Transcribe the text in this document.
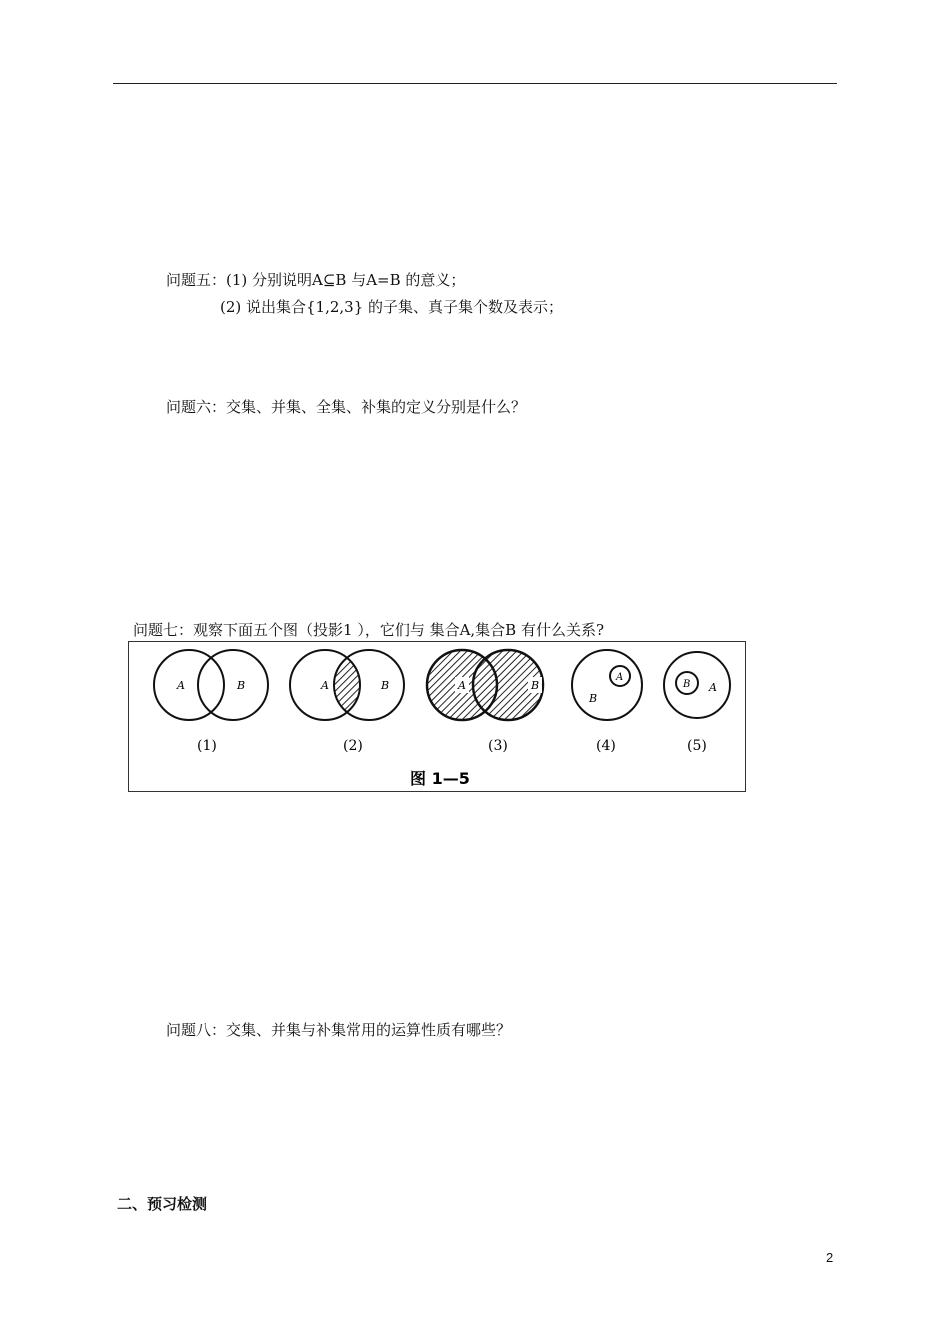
问题五：(1) 分别说明A⊆B 与A=B 的意义；
(2) 说出集合{1,2,3} 的子集、真子集个数及表示；
问题六：交集、并集、全集、补集的定义分别是什么？
问题七：观察下面五个图（投影1 ），它们与 集合A,集合B 有什么关系?
A	B	A	B	A	B
A
B
B A
(1)	(2)	(3)	(4)	(5)
图 1—5
问题八：交集、并集与补集常用的运算性质有哪些？
二、预习检测
2
